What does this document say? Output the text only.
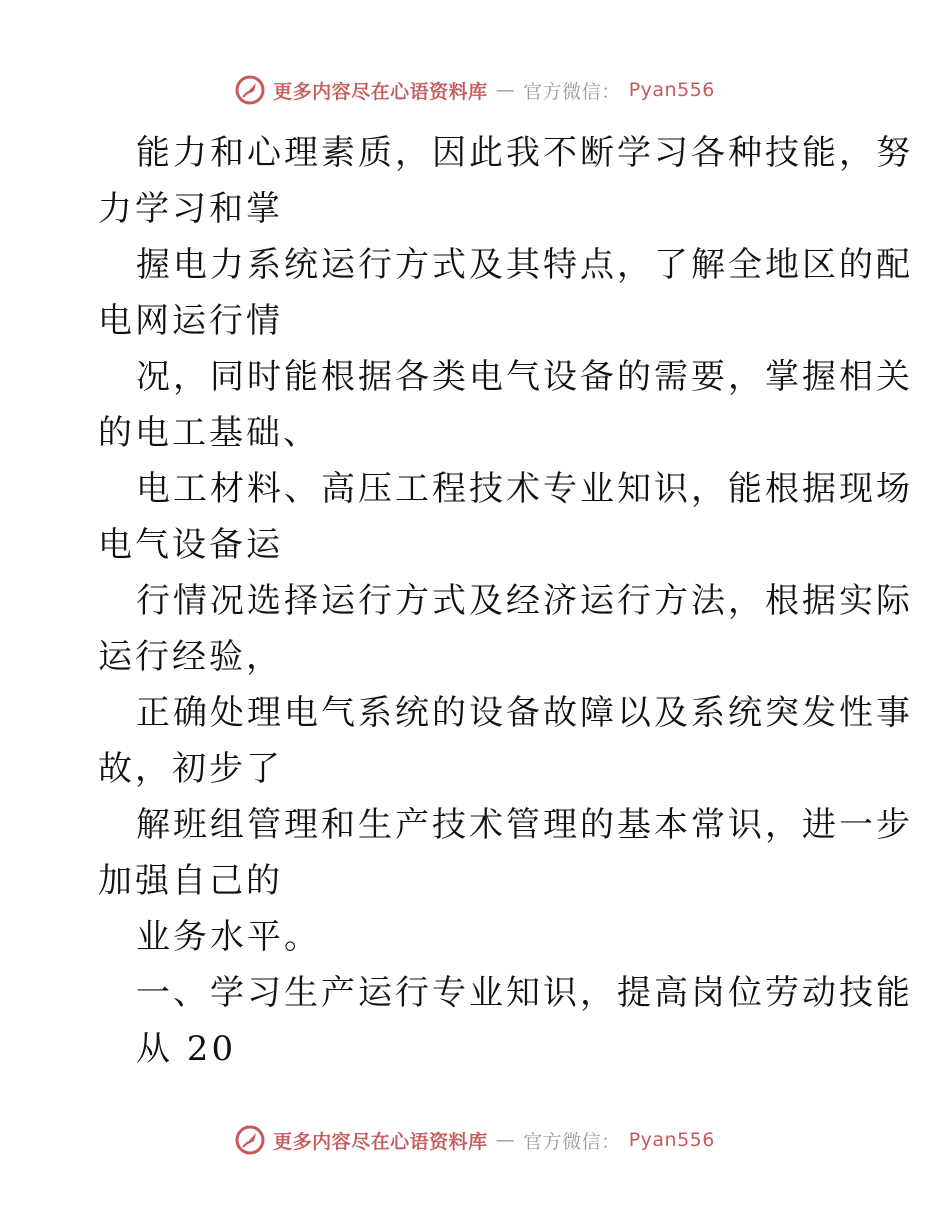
更多内容尽在心语资料库 — 官方微信： Pyan556
能力和心理素质，因此我不断学习各种技能，努
力学习和掌
握电力系统运行方式及其特点，了解全地区的配
电网运行情
况，同时能根据各类电气设备的需要，掌握相关
的电工基础、
电工材料、高压工程技术专业知识，能根据现场
电气设备运
行情况选择运行方式及经济运行方法，根据实际
运行经验，
正确处理电气系统的设备故障以及系统突发性事
故，初步了
解班组管理和生产技术管理的基本常识，进一步
加强自己的
业务水平。
一、学习生产运行专业知识，提高岗位劳动技能
从 20
更多内容尽在心语资料库 — 官方微信： Pyan556
